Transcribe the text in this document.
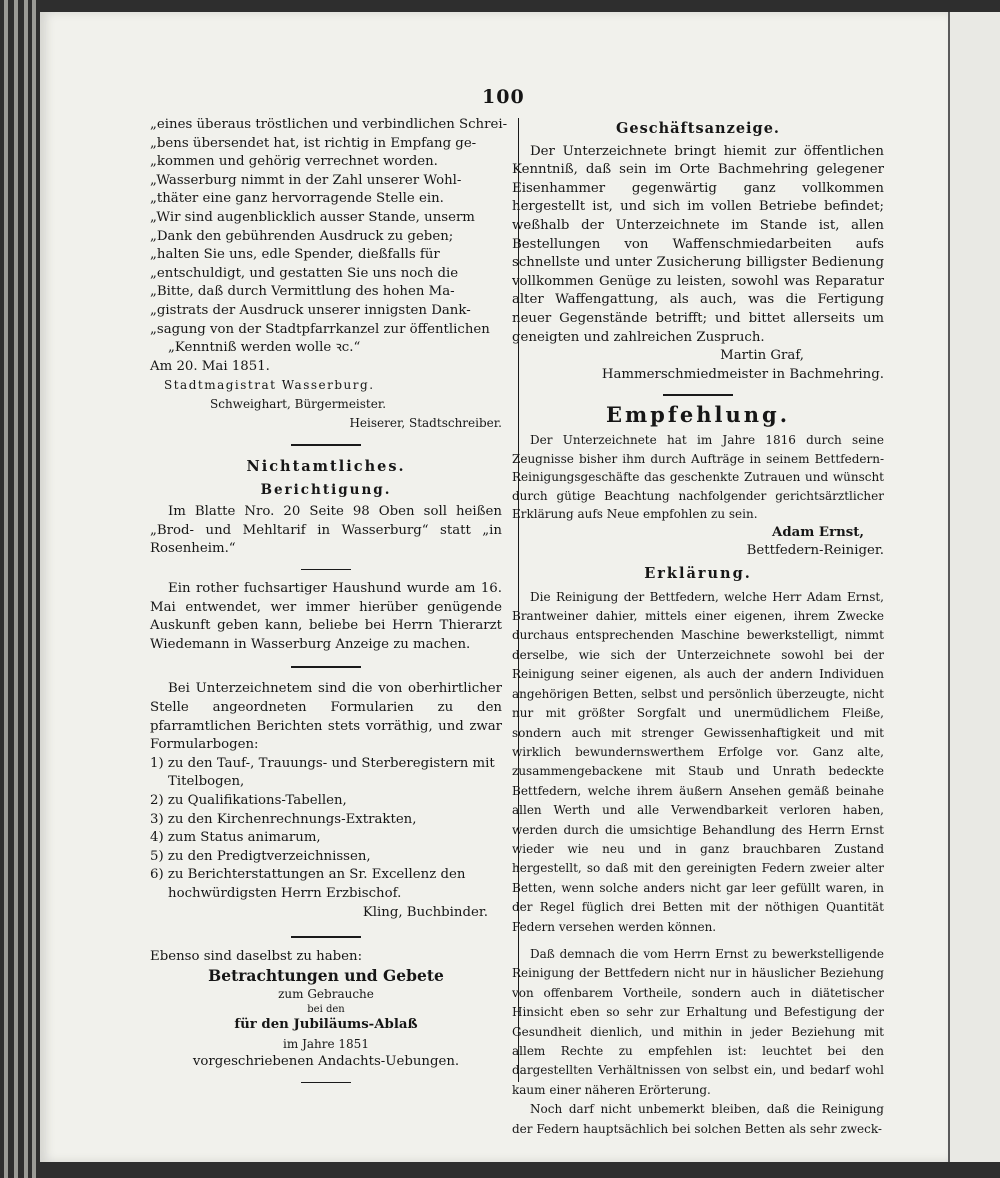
100
„eines überaus tröstlichen und verbindlichen Schrei-
„bens übersendet hat, ist richtig in Empfang ge-
„kommen und gehörig verrechnet worden.
„Wasserburg nimmt in der Zahl unserer Wohl-
„thäter eine ganz hervorragende Stelle ein.
„Wir sind augenblicklich ausser Stande, unserm
„Dank den gebührenden Ausdruck zu geben;
„halten Sie uns, edle Spender, dießfalls für
„entschuldigt, und gestatten Sie uns noch die
„Bitte, daß durch Vermittlung des hohen Ma-
„gistrats der Ausdruck unserer innigsten Dank-
„sagung von der Stadtpfarrkanzel zur öffentlichen
„Kenntniß werden wolle ꝛc.“
Am 20. Mai 1851.
Stadtmagistrat Wasserburg.
Schweighart, Bürgermeister.
Heiserer, Stadtschreiber.
Nichtamtliches.
Berichtigung.

Im Blatte Nro. 20 Seite 98 Oben soll heißen „Brod- und Mehltarif in Wasserburg“ statt „in Rosenheim.“

Ein rother fuchsartiger Haushund wurde am 16. Mai entwendet, wer immer hierüber genügende Auskunft geben kann, beliebe bei Herrn Thierarzt Wiedemann in Wasserburg Anzeige zu machen.

Bei Unterzeichnetem sind die von oberhirtlicher Stelle angeordneten Formularien zu den pfarramtlichen Berichten stets vorräthig, und zwar Formularbogen:

1) zu den Tauf-, Trauungs- und Sterberegistern mit Titelbogen,
2) zu Qualifikations-Tabellen,
3) zu den Kirchenrechnungs-Extrakten,
4) zum Status animarum,
5) zu den Predigtverzeichnissen,
6) zu Berichterstattungen an Sr. Excellenz den hochwürdigsten Herrn Erzbischof.
Kling, Buchbinder.
Ebenso sind daselbst zu haben:
Betrachtungen und Gebete
zum Gebrauche
bei den
für den Jubiläums-Ablaß
im Jahre 1851
vorgeschriebenen Andachts-Uebungen.
Geschäftsanzeige.

Der Unterzeichnete bringt hiemit zur öffentlichen Kenntniß, daß sein im Orte Bachmehring gelegener Eisenhammer gegenwärtig ganz vollkommen hergestellt ist, und sich im vollen Betriebe befindet; weßhalb der Unterzeichnete im Stande ist, allen Bestellungen von Waffenschmiedarbeiten aufs schnellste und unter Zusicherung billigster Bedienung vollkommen Genüge zu leisten, sowohl was Reparatur alter Waffengattung, als auch, was die Fertigung neuer Gegenstände betrifft; und bittet allerseits um geneigten und zahlreichen Zuspruch.

Martin Graf,
Hammerschmiedmeister in Bachmehring.
Empfehlung.

Der Unterzeichnete hat im Jahre 1816 durch seine Zeugnisse bisher ihm durch Aufträge in seinem Bettfedern-Reinigungsgeschäfte das geschenkte Zutrauen und wünscht durch gütige Beachtung nachfolgender gerichtsärztlicher Erklärung aufs Neue empfohlen zu sein.

Adam Ernst,
Bettfedern-Reiniger.
Erklärung.

Die Reinigung der Bettfedern, welche Herr Adam Ernst, Brantweiner dahier, mittels einer eigenen, ihrem Zwecke durchaus entsprechenden Maschine bewerkstelligt, nimmt derselbe, wie sich der Unterzeichnete sowohl bei der Reinigung seiner eigenen, als auch der andern Individuen angehörigen Betten, selbst und persönlich überzeugte, nicht nur mit größter Sorgfalt und unermüdlichem Fleiße, sondern auch mit strenger Gewissenhaftigkeit und mit wirklich bewundernswerthem Erfolge vor. Ganz alte, zusammengebackene mit Staub und Unrath bedeckte Bettfedern, welche ihrem äußern Ansehen gemäß beinahe allen Werth und alle Verwendbarkeit verloren haben, werden durch die umsichtige Behandlung des Herrn Ernst wieder wie neu und in ganz brauchbaren Zustand hergestellt, so daß mit den gereinigten Federn zweier alter Betten, wenn solche anders nicht gar leer gefüllt waren, in der Regel füglich drei Betten mit der nöthigen Quantität Federn versehen werden können.

Daß demnach die vom Herrn Ernst zu bewerkstelligende Reinigung der Bettfedern nicht nur in häuslicher Beziehung von offenbarem Vortheile, sondern auch in diätetischer Hinsicht eben so sehr zur Erhaltung und Befestigung der Gesundheit dienlich, und mithin in jeder Beziehung mit allem Rechte zu empfehlen ist: leuchtet bei den dargestellten Verhältnissen von selbst ein, und bedarf wohl kaum einer näheren Erörterung.

Noch darf nicht unbemerkt bleiben, daß die Reinigung der Federn hauptsächlich bei solchen Betten als sehr zweck-
